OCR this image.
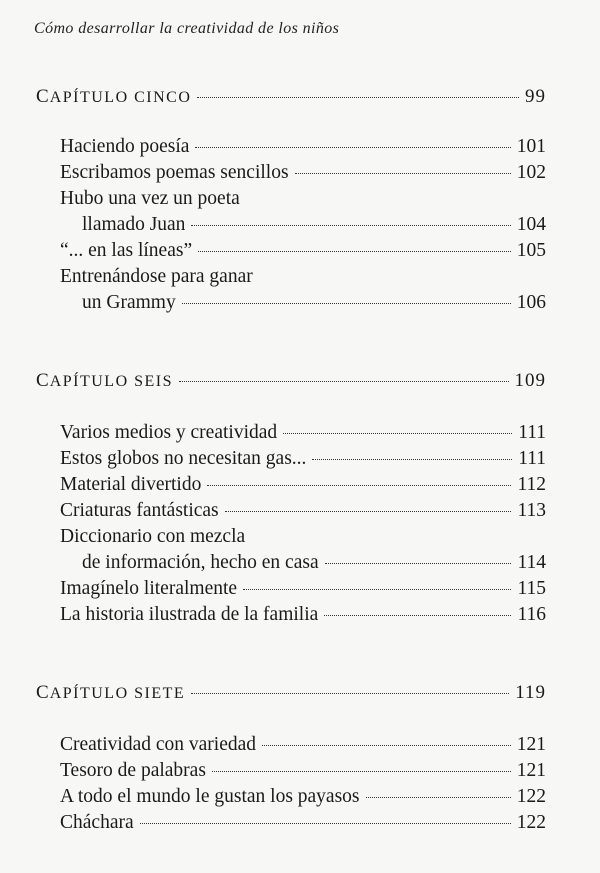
Cómo desarrollar la creatividad de los niños
CAPÍTULO CINCO	99
Haciendo poesía	101
Escribamos poemas sencillos	102
Hubo una vez un poeta
llamado Juan	104
“... en las líneas”	105
Entrenándose para ganar
un Grammy	106
CAPÍTULO SEIS	109
Varios medios y creatividad	111
Estos globos no necesitan gas...	111
Material divertido	112
Criaturas fantásticas	113
Diccionario con mezcla
de información, hecho en casa	114
Imagínelo literalmente	115
La historia ilustrada de la familia	116
CAPÍTULO SIETE	119
Creatividad con variedad	121
Tesoro de palabras	121
A todo el mundo le gustan los payasos	122
Cháchara	122
